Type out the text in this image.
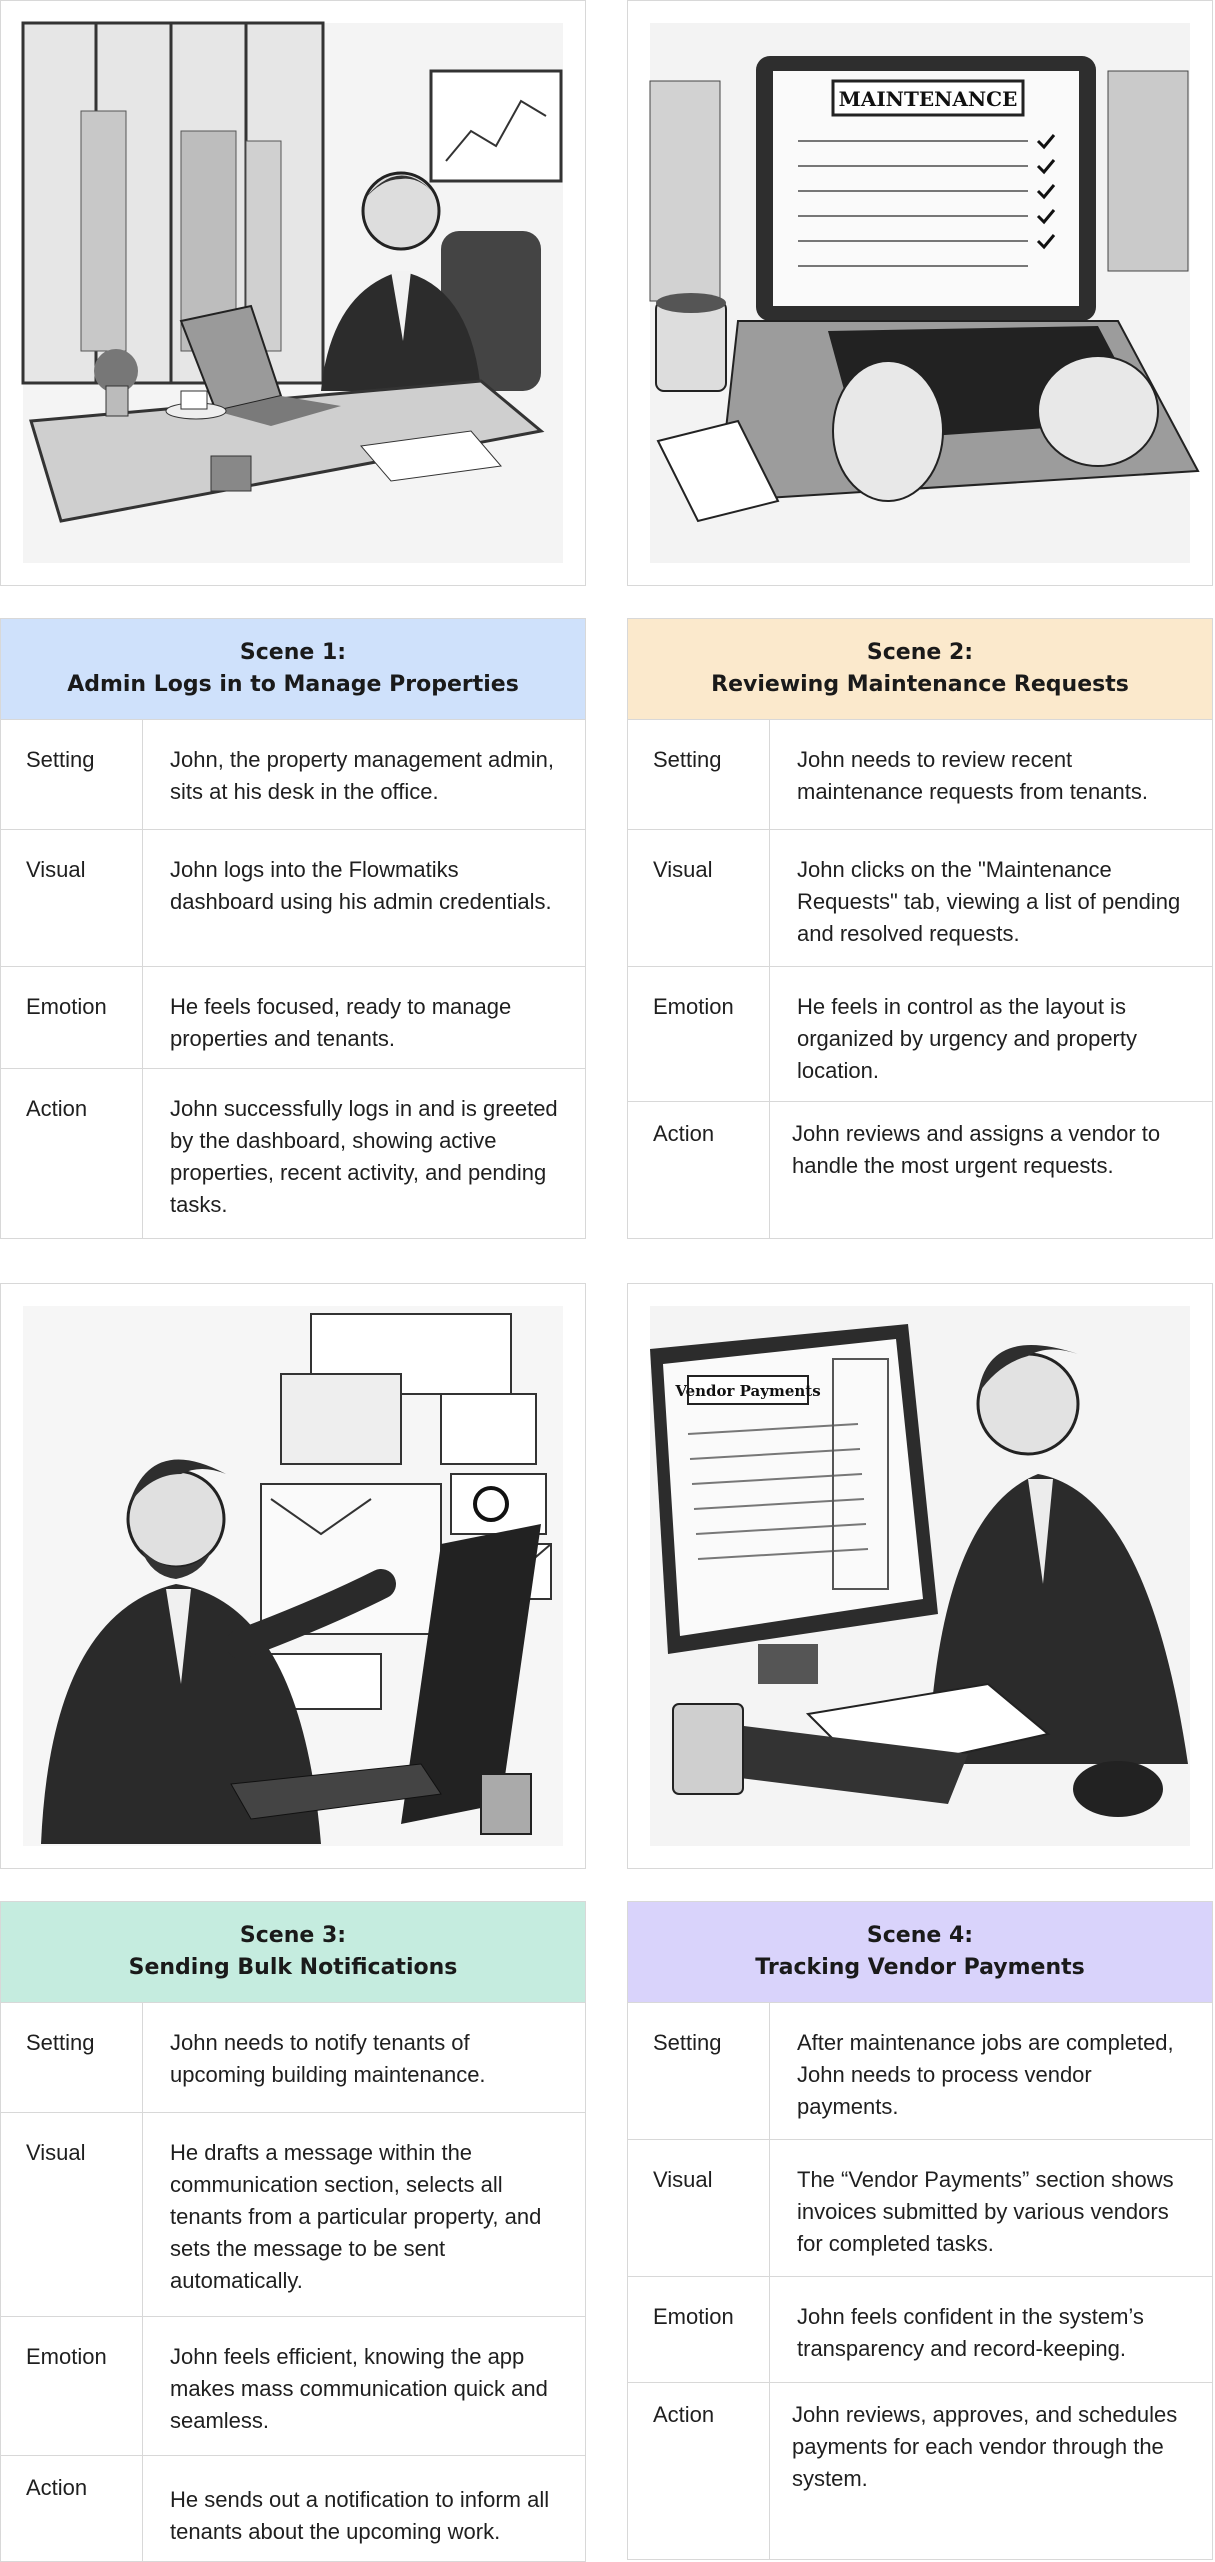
Scene 1:
Admin Logs in to Manage Properties
Setting	John, the property management admin, sits at his desk in the office.
Visual	John logs into the Flowmatiks dashboard using his admin credentials.
Emotion	He feels focused, ready to manage properties and tenants.
Action	John successfully logs in and is greeted by the dashboard, showing active properties, recent activity, and pending tasks.
MAINTENANCE
Scene 2:
Reviewing Maintenance Requests
Setting	John needs to review recent maintenance requests from tenants.
Visual	John clicks on the "Maintenance Requests" tab, viewing a list of pending and resolved requests.
Emotion	He feels in control as the layout is organized by urgency and property location.
Action	John reviews and assigns a vendor to handle the most urgent requests.
Scene 3:
Sending Bulk Notifications
Setting	John needs to notify tenants of upcoming building maintenance.
Visual	He drafts a message within the communication section, selects all tenants from a particular property, and sets the message to be sent automatically.
Emotion	John feels efficient, knowing the app makes mass communication quick and seamless.
Action	He sends out a notification to inform all tenants about the upcoming work.
Vendor Payments
Scene 4:
Tracking Vendor Payments
Setting	After maintenance jobs are completed, John needs to process vendor payments.
Visual	The “Vendor Payments” section shows invoices submitted by various vendors for completed tasks.
Emotion	John feels confident in the system’s transparency and record-keeping.
Action	John reviews, approves, and schedules payments for each vendor through the system.
